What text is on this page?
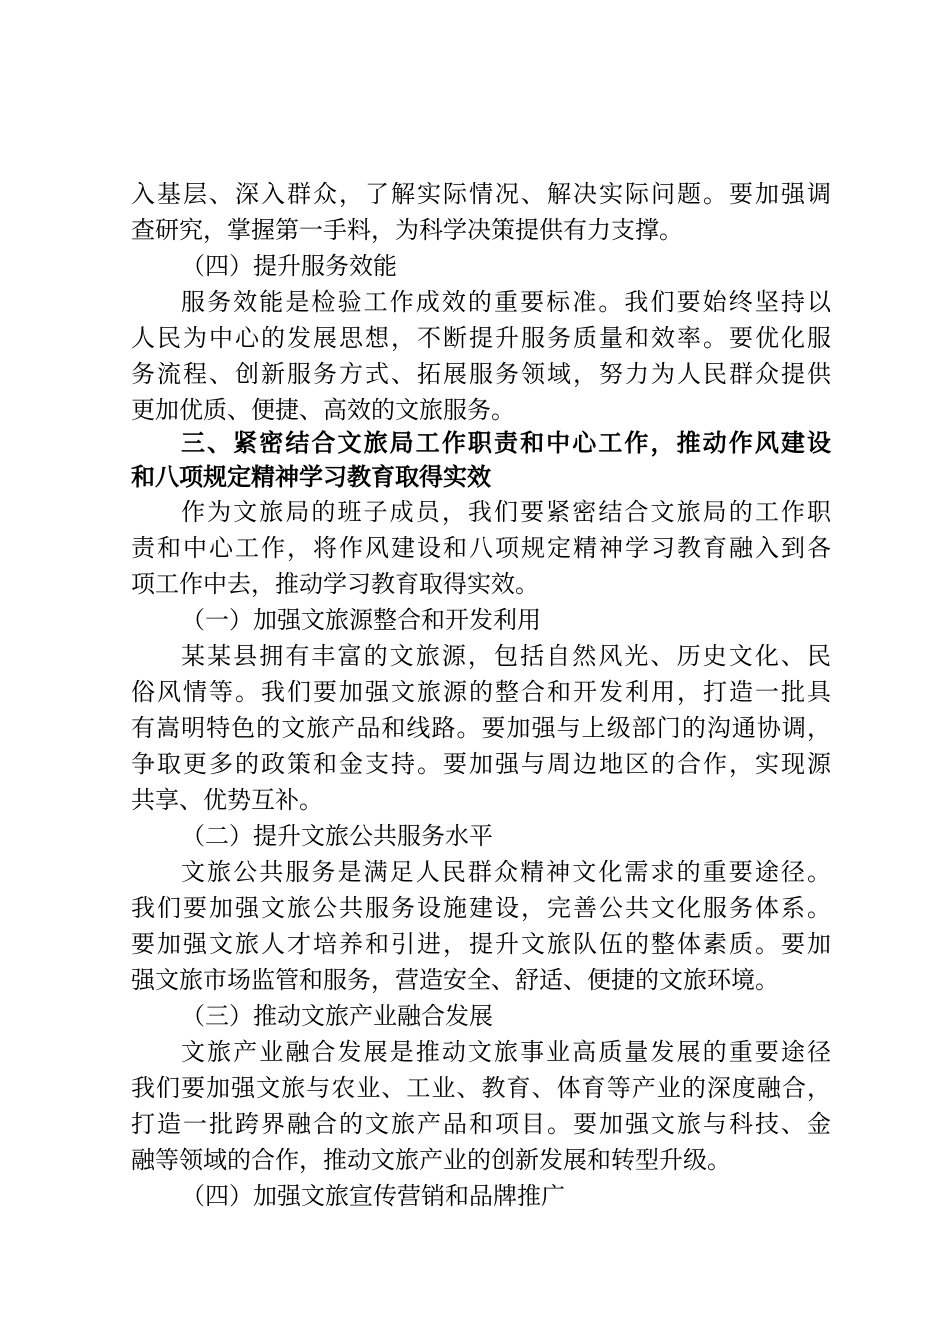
入基层、深入群众，了解实际情况、解决实际问题。要加强调
查研究，掌握第一手料，为科学决策提供有力支撑。
（四）提升服务效能
服务效能是检验工作成效的重要标准。我们要始终坚持以
人民为中心的发展思想，不断提升服务质量和效率。要优化服
务流程、创新服务方式、拓展服务领域，努力为人民群众提供
更加优质、便捷、高效的文旅服务。
三、紧密结合文旅局工作职责和中心工作，推动作风建设
和八项规定精神学习教育取得实效
作为文旅局的班子成员，我们要紧密结合文旅局的工作职
责和中心工作，将作风建设和八项规定精神学习教育融入到各
项工作中去，推动学习教育取得实效。
（一）加强文旅源整合和开发利用
某某县拥有丰富的文旅源，包括自然风光、历史文化、民
俗风情等。我们要加强文旅源的整合和开发利用，打造一批具
有嵩明特色的文旅产品和线路。要加强与上级部门的沟通协调，
争取更多的政策和金支持。要加强与周边地区的合作，实现源
共享、优势互补。
（二）提升文旅公共服务水平
文旅公共服务是满足人民群众精神文化需求的重要途径。
我们要加强文旅公共服务设施建设，完善公共文化服务体系。
要加强文旅人才培养和引进，提升文旅队伍的整体素质。要加
强文旅市场监管和服务，营造安全、舒适、便捷的文旅环境。
（三）推动文旅产业融合发展
文旅产业融合发展是推动文旅事业高质量发展的重要途径
我们要加强文旅与农业、工业、教育、体育等产业的深度融合，
打造一批跨界融合的文旅产品和项目。要加强文旅与科技、金
融等领域的合作，推动文旅产业的创新发展和转型升级。
（四）加强文旅宣传营销和品牌推广
